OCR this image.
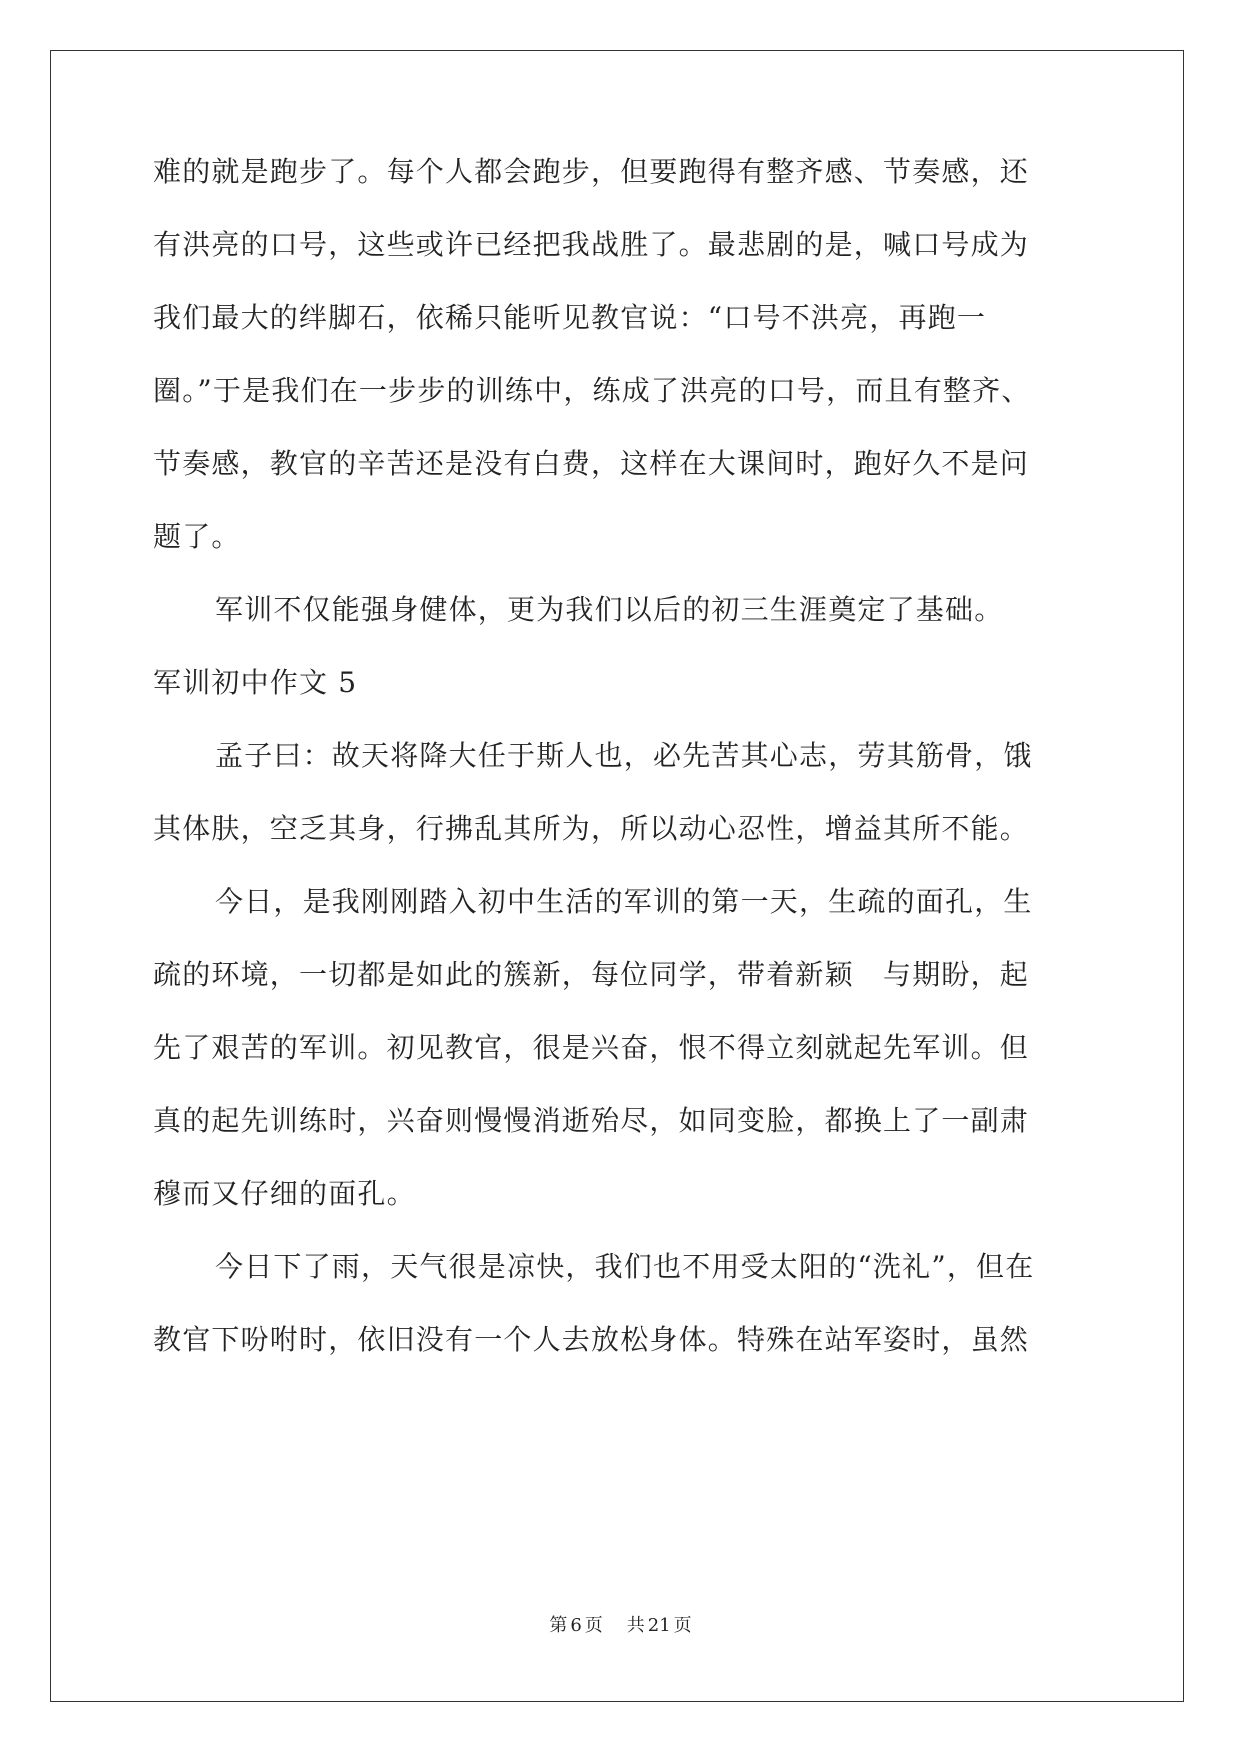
难的就是跑步了。每个人都会跑步，但要跑得有整齐感、节奏感，还
有洪亮的口号，这些或许已经把我战胜了。最悲剧的是，喊口号成为
我们最大的绊脚石，依稀只能听见教官说：“口号不洪亮，再跑一
圈。”于是我们在一步步的训练中，练成了洪亮的口号，而且有整齐、
节奏感，教官的辛苦还是没有白费，这样在大课间时，跑好久不是问
题了。
军训不仅能强身健体，更为我们以后的初三生涯奠定了基础。
军训初中作文 5
孟子曰：故天将降大任于斯人也，必先苦其心志，劳其筋骨，饿
其体肤，空乏其身，行拂乱其所为，所以动心忍性，增益其所不能。
今日，是我刚刚踏入初中生活的军训的第一天，生疏的面孔，生
疏的环境，一切都是如此的簇新，每位同学，带着新颖　与期盼，起
先了艰苦的军训。初见教官，很是兴奋，恨不得立刻就起先军训。但
真的起先训练时，兴奋则慢慢消逝殆尽，如同变脸，都换上了一副肃
穆而又仔细的面孔。
今日下了雨，天气很是凉快，我们也不用受太阳的“洗礼”，但在
教官下吩咐时，依旧没有一个人去放松身体。特殊在站军姿时，虽然
第 6 页 共 21 页
